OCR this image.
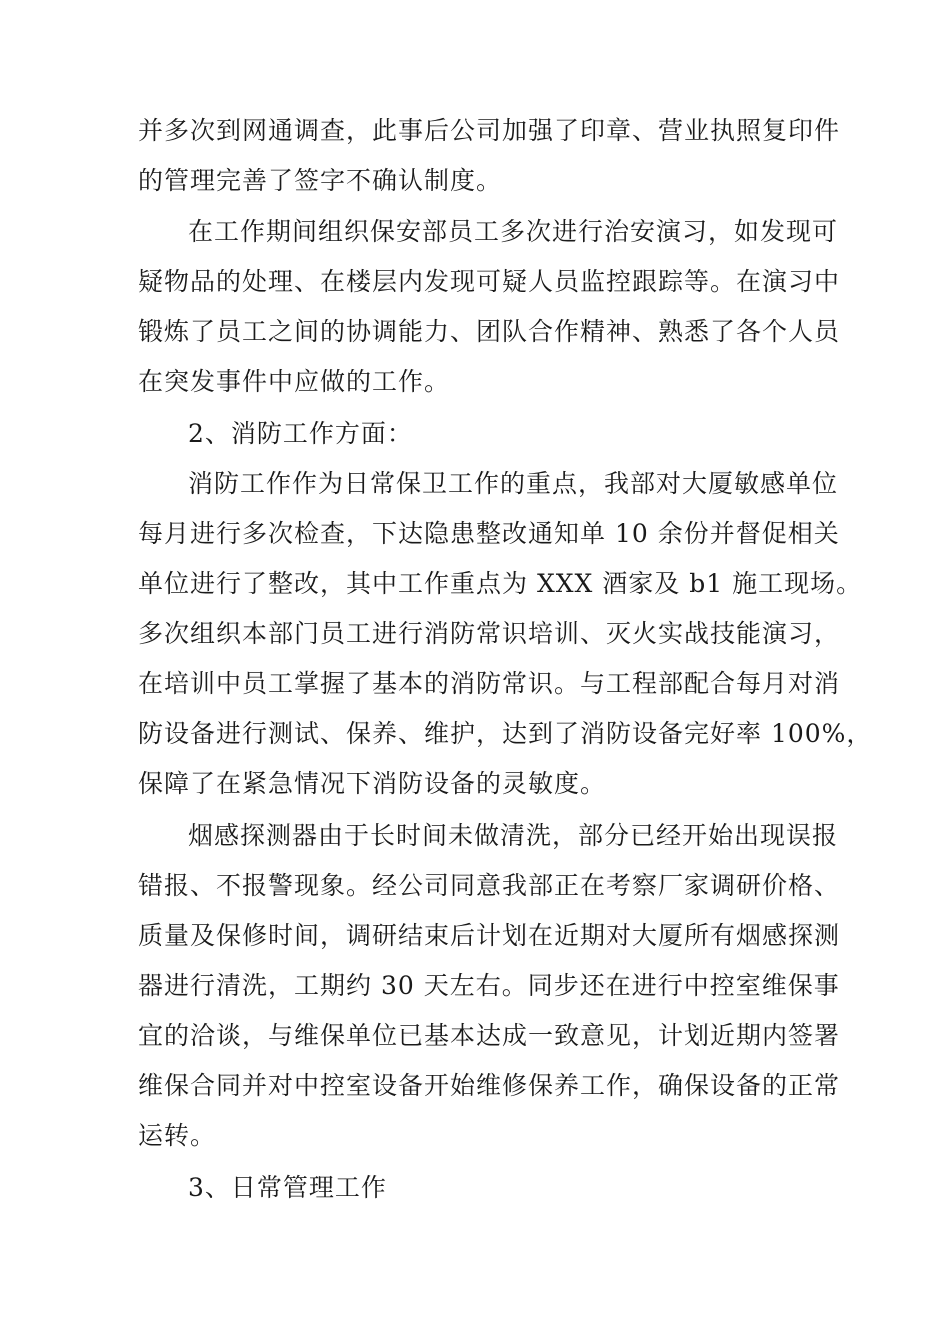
并多次到网通调查，此事后公司加强了印章、营业执照复印件
的管理完善了签字不确认制度。
在工作期间组织保安部员工多次进行治安演习，如发现可
疑物品的处理、在楼层内发现可疑人员监控跟踪等。在演习中
锻炼了员工之间的协调能力、团队合作精神、熟悉了各个人员
在突发事件中应做的工作。
2、消防工作方面：
消防工作作为日常保卫工作的重点，我部对大厦敏感单位
每月进行多次检查，下达隐患整改通知单 10 余份并督促相关
单位进行了整改，其中工作重点为 XXX 酒家及 b1 施工现场。
多次组织本部门员工进行消防常识培训、灭火实战技能演习，
在培训中员工掌握了基本的消防常识。与工程部配合每月对消
防设备进行测试、保养、维护，达到了消防设备完好率 100%，
保障了在紧急情况下消防设备的灵敏度。
烟感探测器由于长时间未做清洗，部分已经开始出现误报
错报、不报警现象。经公司同意我部正在考察厂家调研价格、
质量及保修时间，调研结束后计划在近期对大厦所有烟感探测
器进行清洗，工期约 30 天左右。同步还在进行中控室维保事
宜的洽谈，与维保单位已基本达成一致意见，计划近期内签署
维保合同并对中控室设备开始维修保养工作，确保设备的正常
运转。
3、日常管理工作
